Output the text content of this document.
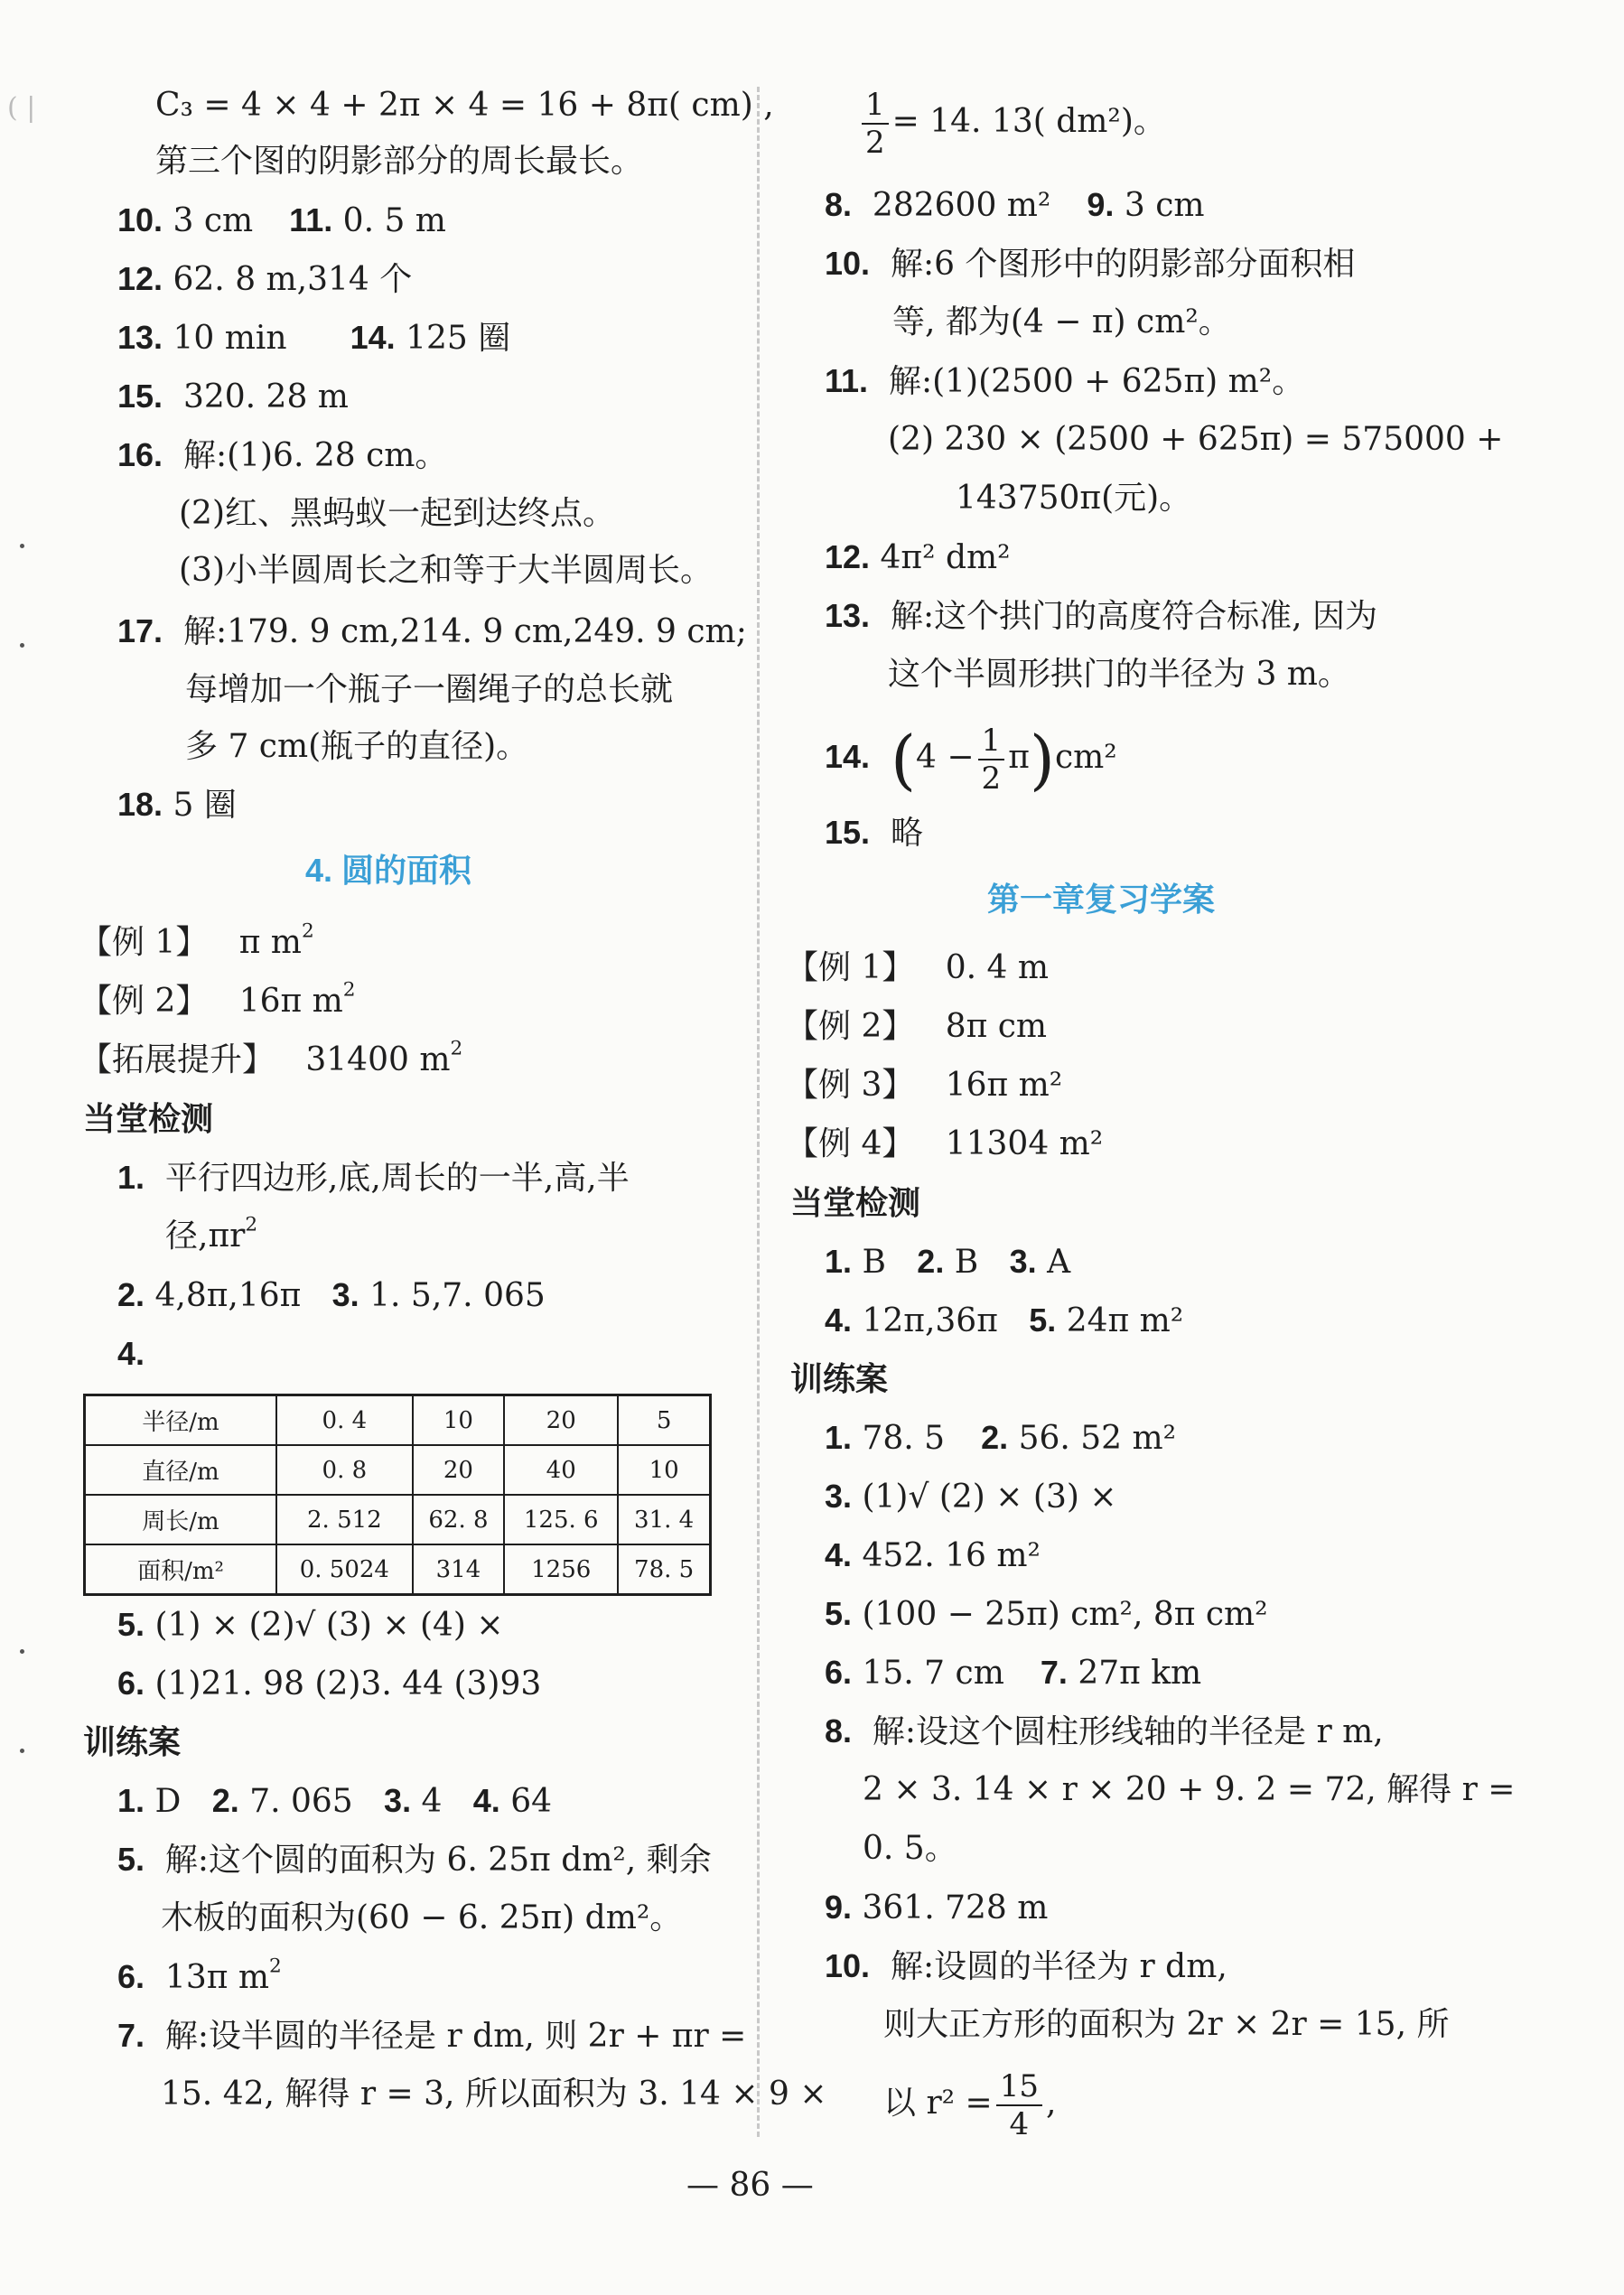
( |	C₃ = 4 × 4 + 2π × 4 = 16 + 8π( cm) ,
第三个图的阴影部分的周长最长。
10. 3 cm 11. 0. 5 m
12. 62. 8 m,314 个
13. 10 min 14. 125 圈
15. 320. 28 m
16. 解:(1)6. 28 cm。
(2)红、黑蚂蚁一起到达终点。
(3)小半圆周长之和等于大半圆周长。
17. 解:179. 9 cm,214. 9 cm,249. 9 cm;
每增加一个瓶子一圈绳子的总长就
多 7 cm(瓶子的直径)。
18. 5 圈
4. 圆的面积
【例 1】 π $m^2$
【例 2】 16π $m^2$
【拓展提升】 31400 $m^2$
当堂检测
1. 平行四边形,底,周长的一半,高,半
径$,\pi r^2$
2. 4,8π,16π 3. 1. 5,7. 065
4.
半径/m	0. 4	10	20	5
直径/m	0. 8	20	40	10
周长/m	2. 512	62. 8	125. 6	31. 4
面积/m²	0. 5024	314	1256	78. 5
5. (1) × (2)√ (3) × (4) ×
6. (1)21. 98 (2)3. 44 (3)93
训练案
1. D 2. 7. 065 3. 4 4. 64
5. 解:这个圆的面积为 6. 25π dm², 剩余
木板的面积为(60 − 6. 25π) dm²。
6. 13π $m^2$
7. 解:设半圆的半径是 r dm, 则 2r + πr =
15. 42, 解得 r = 3, 所以面积为 3. 14 × 9 ×
$\frac{1}{2} = 14$. 13( dm²)。
8. 282600 m² 9. 3 cm
10. 解:6 个图形中的阴影部分面积相
等, 都为(4 − π) cm²。
11. 解:(1)(2500 + 625π) m²。
(2) 230 × (2500 + 625π) = 575000 +
143750π(元)。
12. 4π² dm²
13. 解:这个拱门的高度符合标准, 因为
这个半圆形拱门的半径为 3 m。
14. $(4 - \frac{1}{2} \pi)cm^2$
15. 略
第一章复习学案
【例 1】 0. 4 m
【例 2】 8π cm
【例 3】 16π m²
【例 4】 11304 m²
当堂检测
1. B 2. B 3. A
4. 12π,36π 5. 24π m²
训练案
1. 78. 5 2. 56. 52 m²
3. (1)√ (2) × (3) ×
4. 452. 16 m²
5. (100 − 25π) cm², 8π cm²
6. 15. 7 cm 7. 27π km
8. 解:设这个圆柱形线轴的半径是 r m,
2 × 3. 14 × r × 20 + 9. 2 = 72, 解得 r =
0. 5。
9. 361. 728 m
10. 解:设圆的半径为 r dm,
则大正方形的面积为 2r × 2r = 15, 所
以 $r^2 = \frac{15}{4}$ ,
— 86 —
